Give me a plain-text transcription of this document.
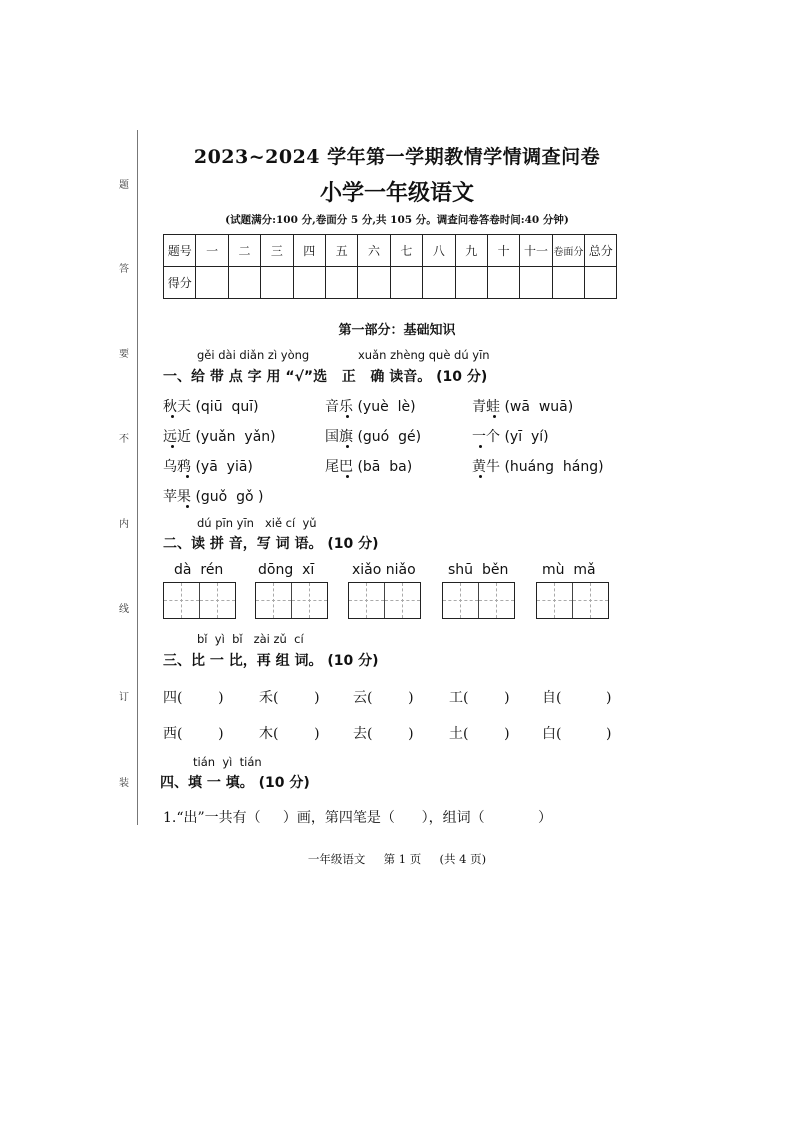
题
答
要
不
内
线
订
装
2023~2024 学年第一学期教情学情调查问卷
小学一年级语文
(试题满分:100 分,卷面分 5 分,共 105 分。调查问卷答卷时间:40 分钟)
题号	一	二	三	四	五	六	七	八	九	十	十一	卷面分	总分
得分													
第一部分：基础知识
gěi dài diǎn zì yòng	xuǎn zhèng què dú yīn
一、给 带 点 字 用 “√”选   正   确 读音。 (10 分)
秋天 (qiū  quī)	音乐 (yuè  lè)	青蛙 (wā  wuā)
远近 (yuǎn  yǎn)	国旗 (guó  gé)	一个 (yī  yí)
乌鸦 (yā  yiā)	尾巴 (bā  ba)	黄牛 (huáng  háng)
苹果 (guǒ  gǒ )
dú pīn yīn   xiě cí  yǔ
二、读 拼 音，写 词 语。 (10 分)
dà  rén dōng  xī	xiǎo niǎo shū  běn mù  mǎ
bǐ  yì  bǐ   zài zǔ  cí
三、比 一 比，再 组 词。 (10 分)
四(        )	禾(        ) 云(        )	工(        ) 自(          )
西(        )	木(        ) 去(        )	土(        ) 白(          )
tián  yì  tián
四、填 一 填。 (10 分)
1.“出”一共有（     ）画，第四笔是（      ），组词（            ）
一年级语文     第 1 页     (共 4 页)
